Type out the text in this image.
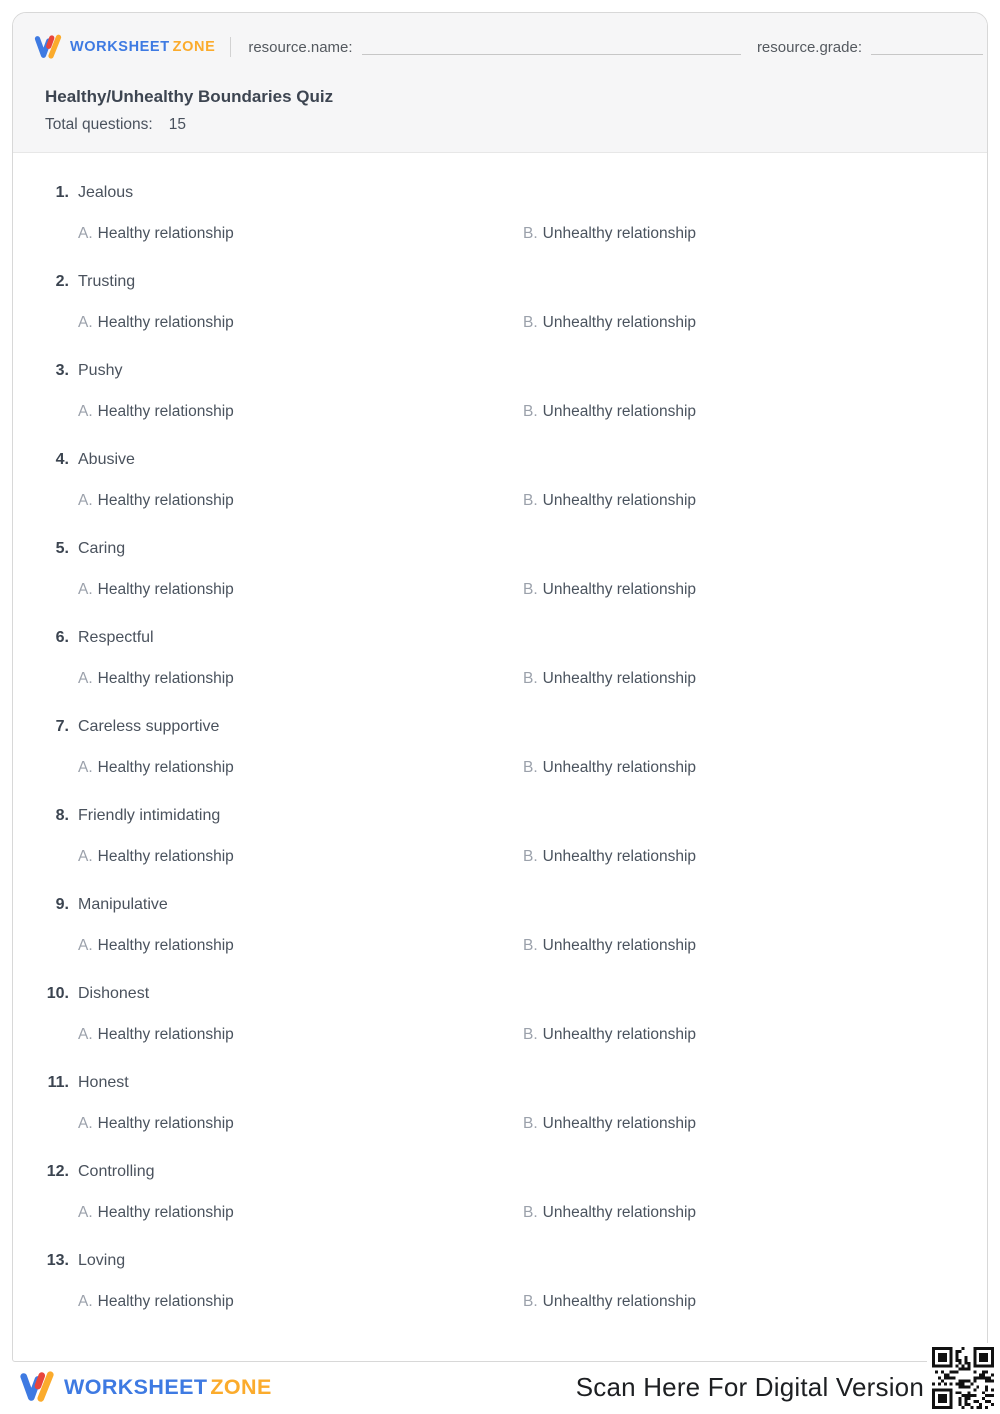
WORKSHEET ZONE resource.name:	resource.grade:
Healthy/Unhealthy Boundaries Quiz
Total questions: 15
1. Jealous
A. Healthy relationship	B. Unhealthy relationship
2. Trusting
A. Healthy relationship	B. Unhealthy relationship
3. Pushy
A. Healthy relationship	B. Unhealthy relationship
4. Abusive
A. Healthy relationship	B. Unhealthy relationship
5. Caring
A. Healthy relationship	B. Unhealthy relationship
6. Respectful
A. Healthy relationship	B. Unhealthy relationship
7. Careless supportive
A. Healthy relationship	B. Unhealthy relationship
8. Friendly intimidating
A. Healthy relationship	B. Unhealthy relationship
9. Manipulative
A. Healthy relationship	B. Unhealthy relationship
10. Dishonest
A. Healthy relationship	B. Unhealthy relationship
11. Honest
A. Healthy relationship	B. Unhealthy relationship
12. Controlling
A. Healthy relationship	B. Unhealthy relationship
13. Loving
A. Healthy relationship	B. Unhealthy relationship
WORKSHEET ZONE	Scan Here For Digital Version
